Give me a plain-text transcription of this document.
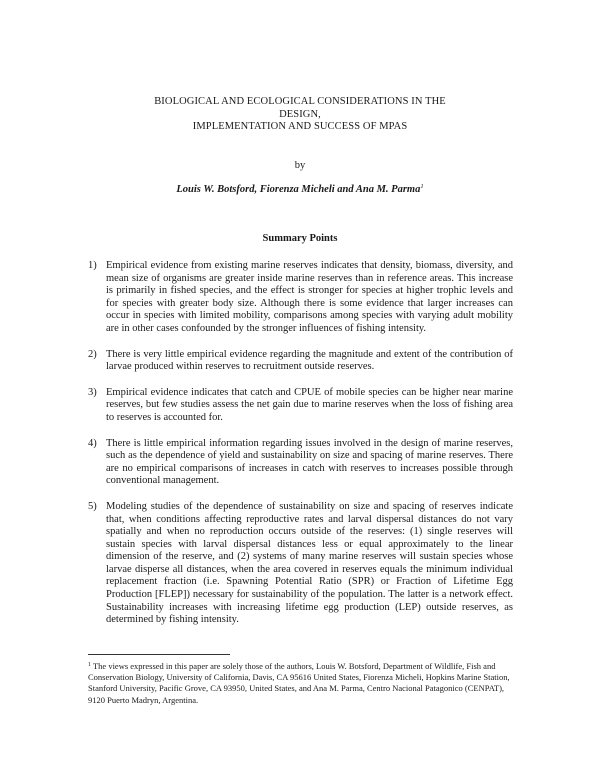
BIOLOGICAL AND ECOLOGICAL CONSIDERATIONS IN THE
DESIGN,
IMPLEMENTATION AND SUCCESS OF MPAS
by
Louis W. Botsford, Fiorenza Micheli and Ana M. Parma$^1$
Summary Points
1) Empirical evidence from existing marine reserves indicates that density, biomass, diversity, and mean size of organisms are greater inside marine reserves than in reference areas. This increase is primarily in fished species, and the effect is stronger for species at higher trophic levels and for species with greater body size. Although there is some evidence that larger increases can occur in species with limited mobility, comparisons among species with varying adult mobility are in other cases confounded by the stronger influences of fishing intensity.
2) There is very little empirical evidence regarding the magnitude and extent of the contribution of larvae produced within reserves to recruitment outside reserves.
3) Empirical evidence indicates that catch and CPUE of mobile species can be higher near marine reserves, but few studies assess the net gain due to marine reserves when the loss of fishing area to reserves is accounted for.
4) There is little empirical information regarding issues involved in the design of marine reserves, such as the dependence of yield and sustainability on size and spacing of marine reserves. There are no empirical comparisons of increases in catch with reserves to increases possible through conventional management.
5) Modeling studies of the dependence of sustainability on size and spacing of reserves indicate that, when conditions affecting reproductive rates and larval dispersal distances do not vary spatially and when no reproduction occurs outside of the reserves: (1) single reserves will sustain species with larval dispersal distances less or equal approximately to the linear dimension of the reserve, and (2) systems of many marine reserves will sustain species whose larvae disperse all distances, when the area covered in reserves equals the minimum individual replacement fraction (i.e. Spawning Potential Ratio (SPR) or Fraction of Lifetime Egg Production [FLEP]) necessary for sustainability of the population. The latter is a network effect. Sustainability increases with increasing lifetime egg production (LEP) outside reserves, as determined by fishing intensity.
$^1$ The views expressed in this paper are solely those of the authors, Louis W. Botsford, Department of Wildlife, Fish and Conservation Biology, University of California, Davis, CA 95616 United States, Fiorenza Micheli, Hopkins Marine Station, Stanford University, Pacific Grove, CA 93950, United States, and Ana M. Parma, Centro Nacional Patagonico (CENPAT), 9120 Puerto Madryn, Argentina.
